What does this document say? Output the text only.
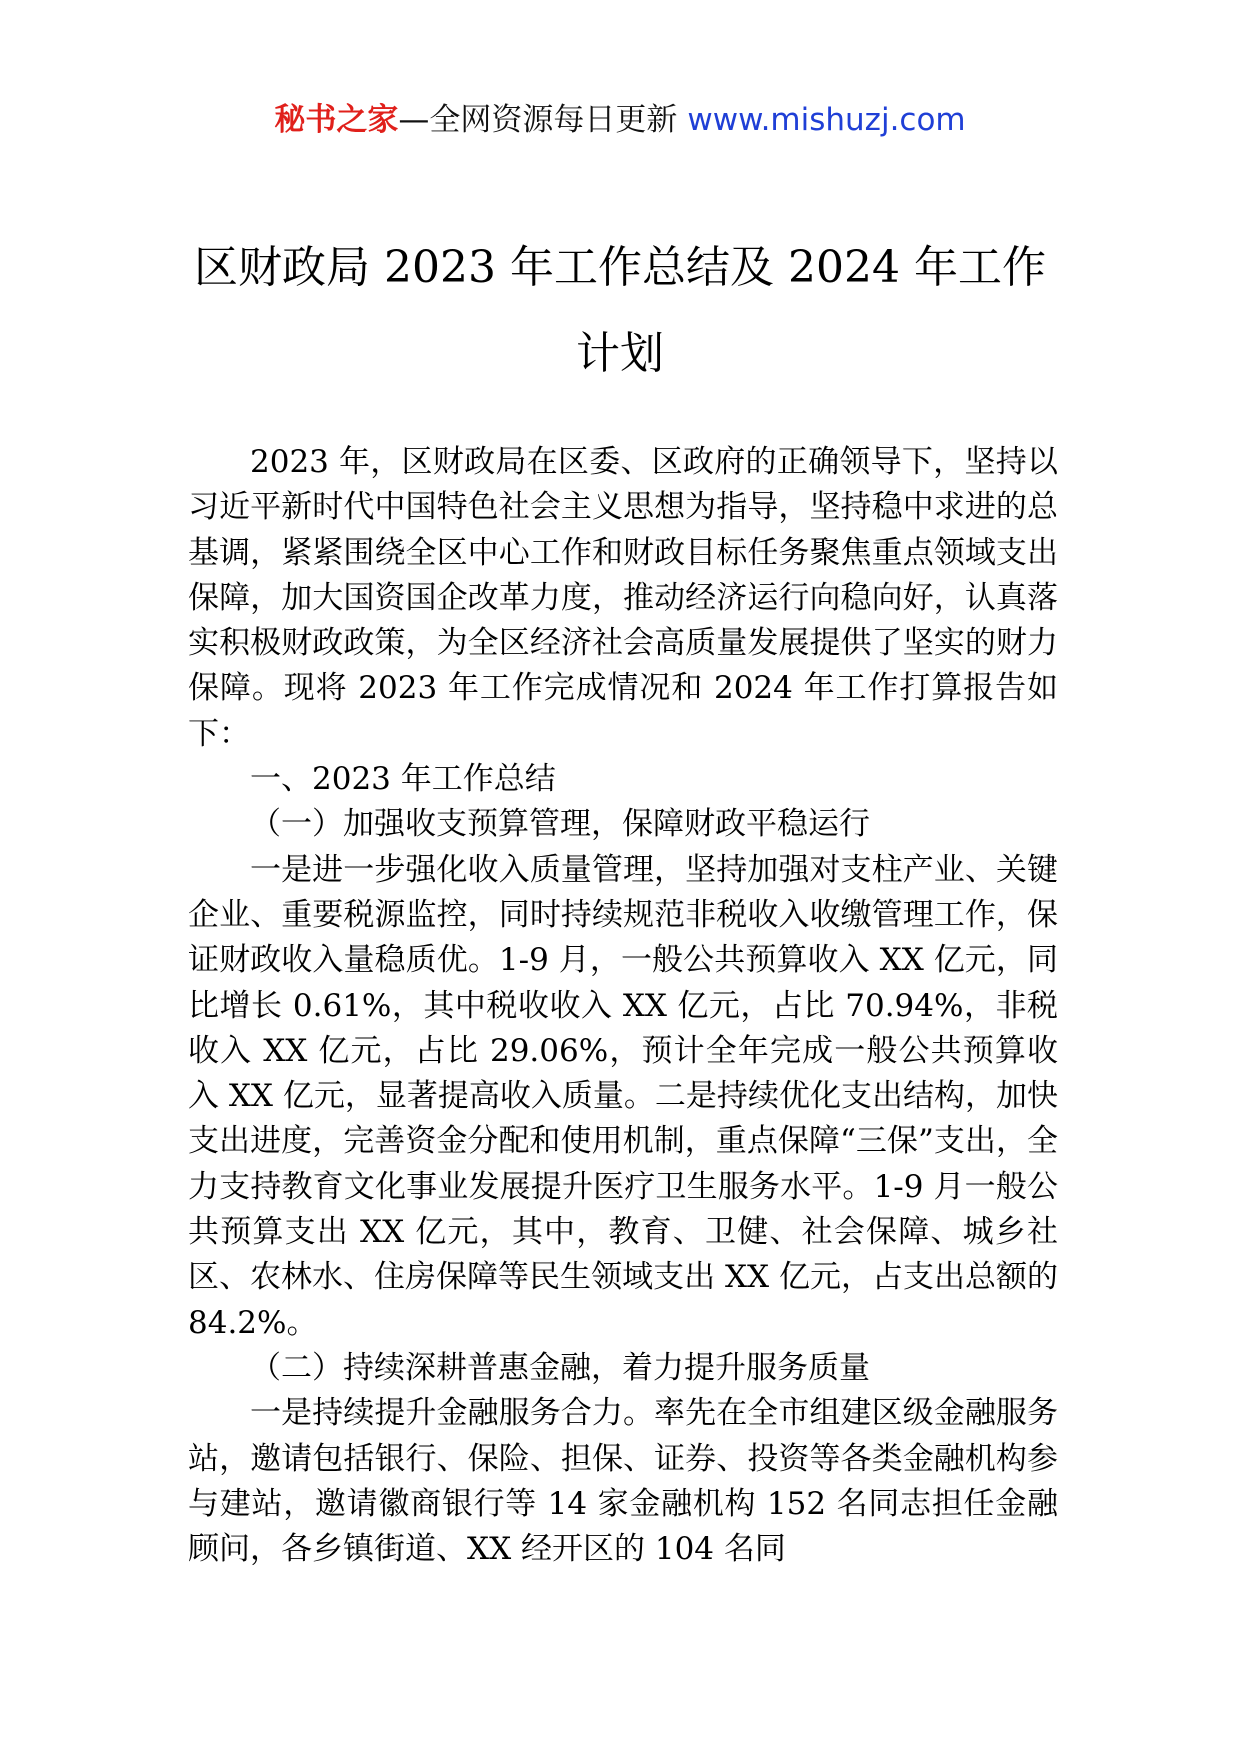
秘书之家—全网资源每日更新 www.mishuzj.com
区财政局 2023 年工作总结及 2024 年工作
计划

2023 年，区财政局在区委、区政府的正确领导下，坚持以习近平新时代中国特色社会主义思想为指导，坚持稳中求进的总基调，紧紧围绕全区中心工作和财政目标任务聚焦重点领域支出保障，加大国资国企改革力度，推动经济运行向稳向好，认真落实积极财政政策，为全区经济社会高质量发展提供了坚实的财力保障。现将 2023 年工作完成情况和 2024 年工作打算报告如下：

一、2023 年工作总结

（一）加强收支预算管理，保障财政平稳运行

一是进一步强化收入质量管理，坚持加强对支柱产业、关键企业、重要税源监控，同时持续规范非税收入收缴管理工作，保证财政收入量稳质优。1-9 月，一般公共预算收入 XX 亿元，同比增长 0.61%，其中税收收入 XX 亿元，占比 70.94%，非税收入 XX 亿元，占比 29.06%，预计全年完成一般公共预算收入 XX 亿元，显著提高收入质量。二是持续优化支出结构，加快支出进度，完善资金分配和使用机制，重点保障“三保”支出，全力支持教育文化事业发展提升医疗卫生服务水平。1-9 月一般公共预算支出 XX 亿元，其中，教育、卫健、社会保障、城乡社区、农林水、住房保障等民生领域支出 XX 亿元，占支出总额的 84.2%。

（二）持续深耕普惠金融，着力提升服务质量

一是持续提升金融服务合力。率先在全市组建区级金融服务站，邀请包括银行、保险、担保、证券、投资等各类金融机构参与建站，邀请徽商银行等 14 家金融机构 152 名同志担任金融顾问，各乡镇街道、XX 经开区的 104 名同
